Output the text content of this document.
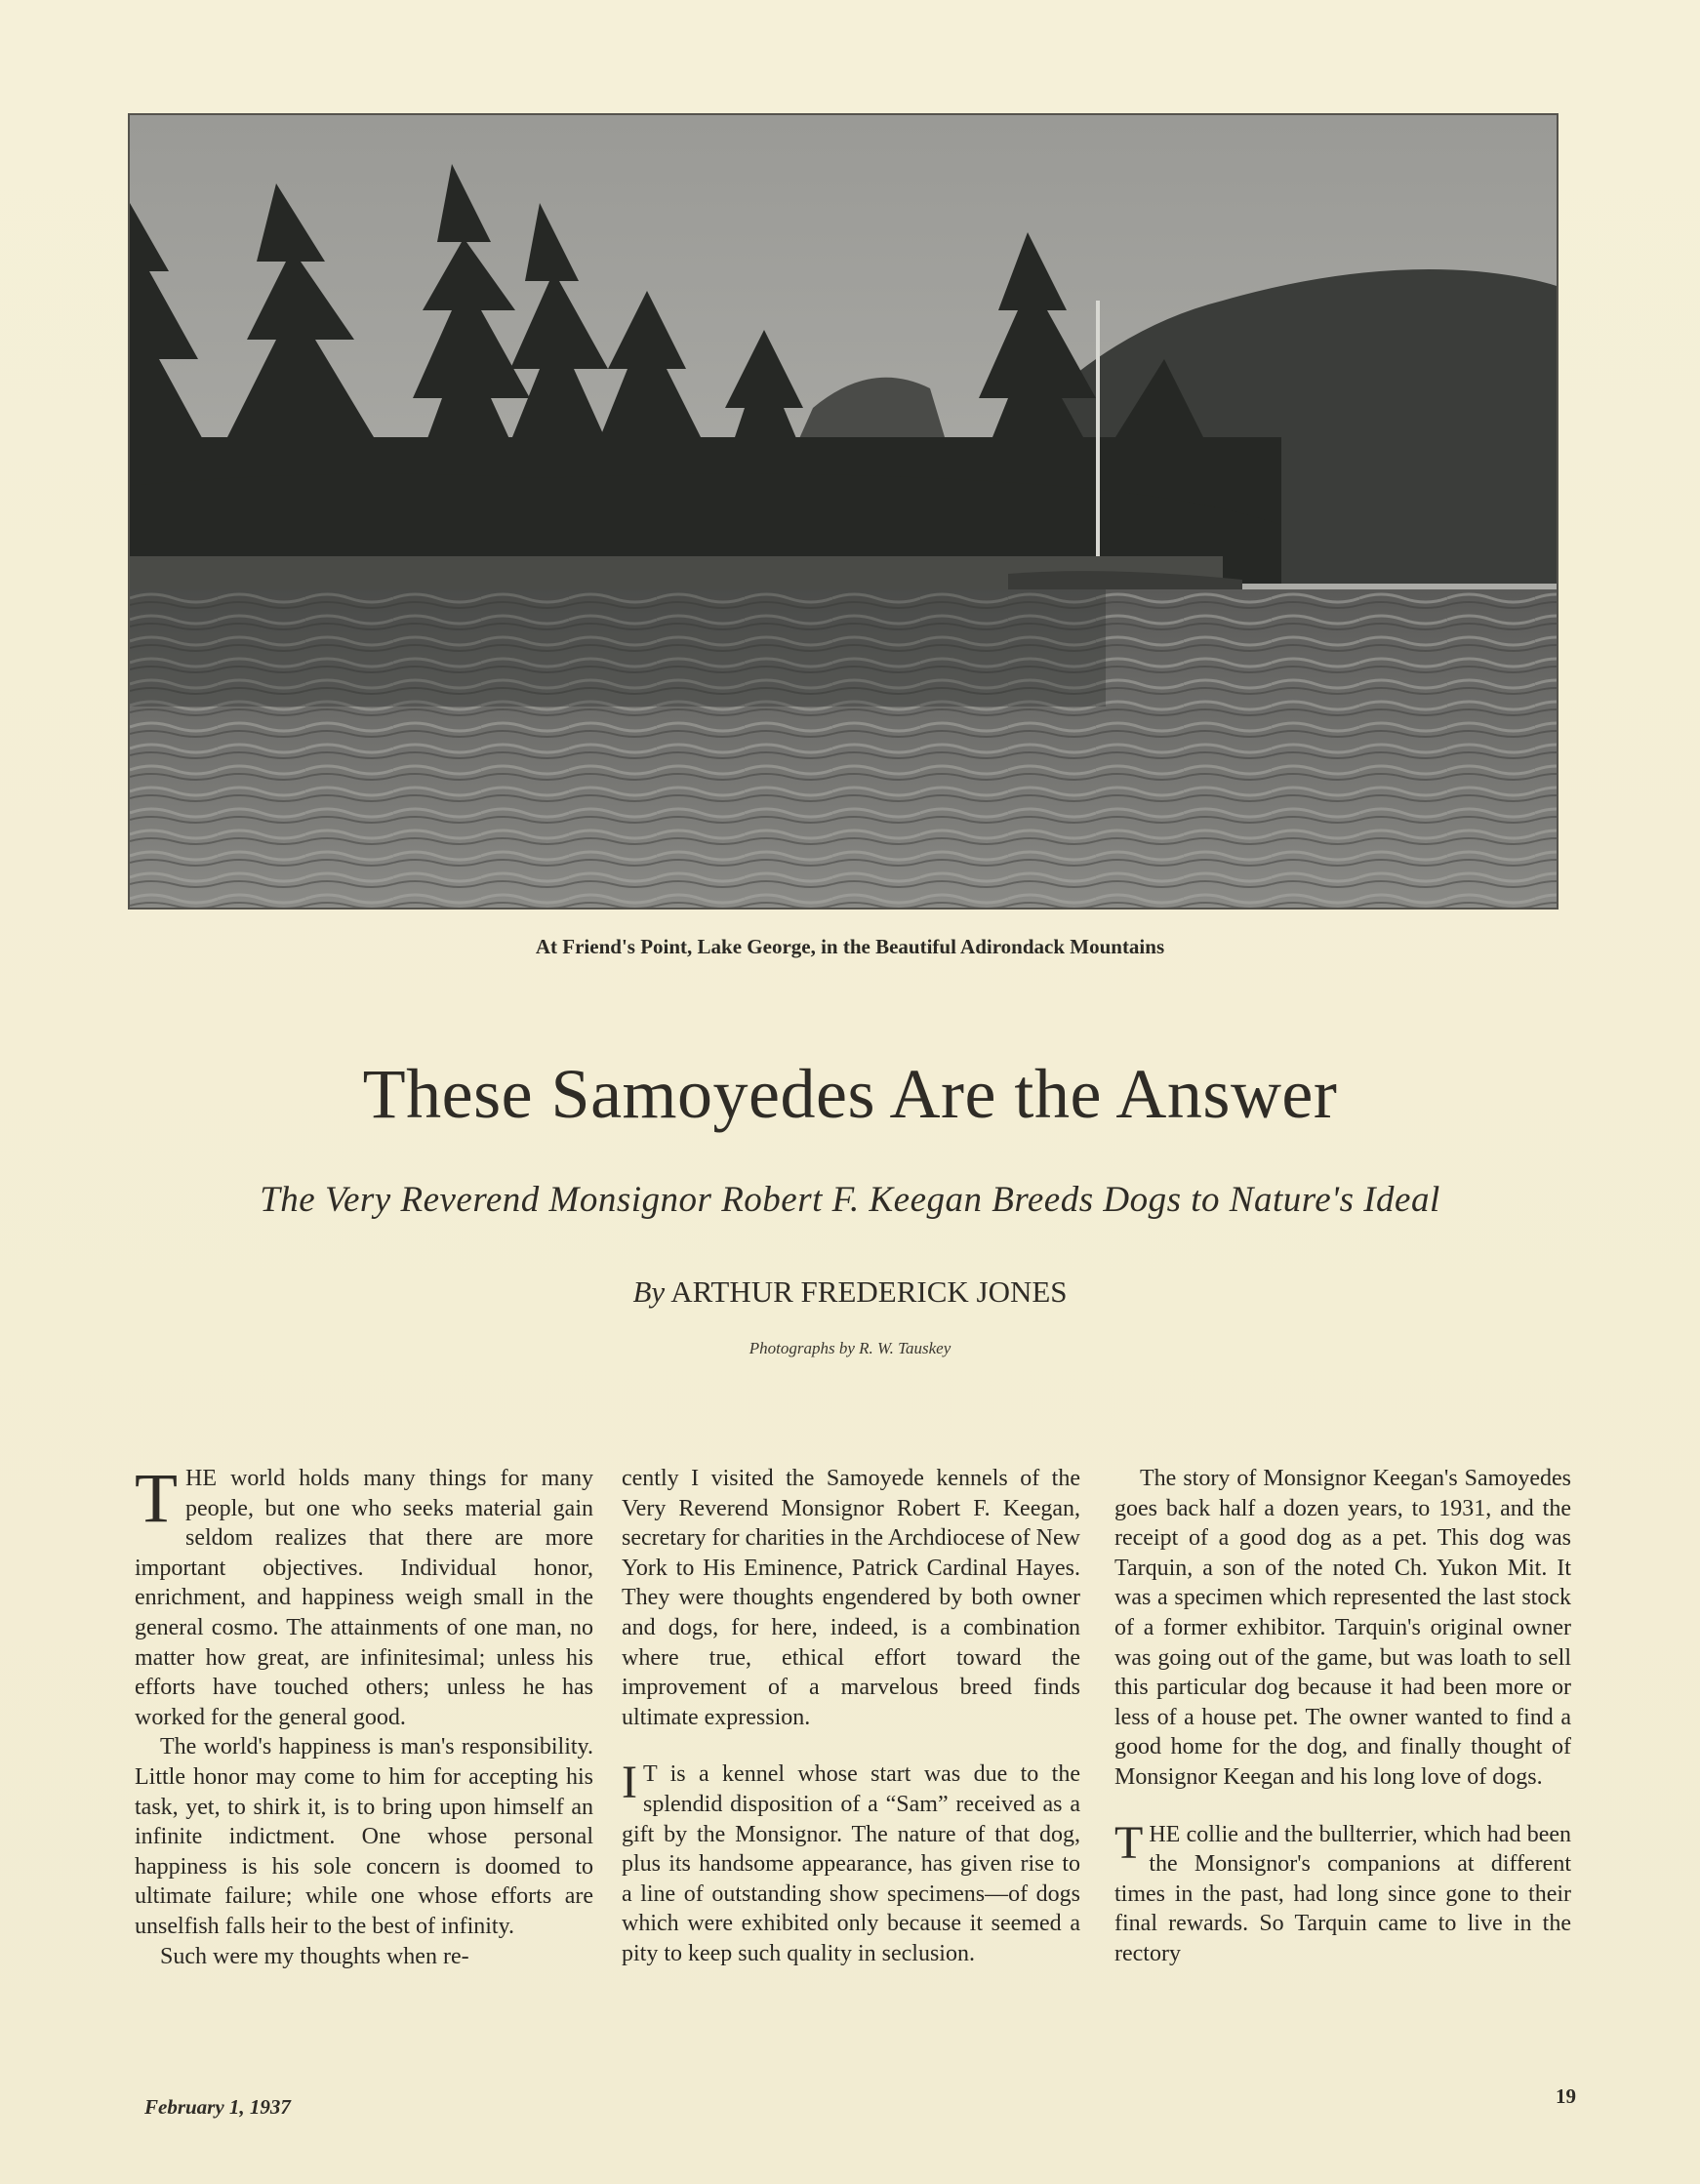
At Friend's Point, Lake George, in the Beautiful Adirondack Mountains
These Samoyedes Are the Answer
The Very Reverend Monsignor Robert F. Keegan Breeds Dogs to Nature's Ideal
By ARTHUR FREDERICK JONES
Photographs by R. W. Tauskey

THE world holds many things for many people, but one who seeks material gain seldom realizes that there are more important objectives. Individual honor, enrichment, and happiness weigh small in the general cosmo. The attainments of one man, no matter how great, are infinitesimal; unless his efforts have touched others; unless he has worked for the general good.

The world's happiness is man's responsibility. Little honor may come to him for accepting his task, yet, to shirk it, is to bring upon himself an infinite indictment. One whose personal happiness is his sole concern is doomed to ultimate failure; while one whose efforts are unselfish falls heir to the best of infinity.

Such were my thoughts when re-

cently I visited the Samoyede kennels of the Very Reverend Monsignor Robert F. Keegan, secretary for charities in the Archdiocese of New York to His Eminence, Patrick Cardinal Hayes. They were thoughts engendered by both owner and dogs, for here, indeed, is a combination where true, ethical effort toward the improvement of a marvelous breed finds ultimate expression.

I T is a kennel whose start was due to the splendid disposition of a “Sam” received as a gift by the Monsignor. The nature of that dog, plus its handsome appearance, has given rise to a line of outstanding show specimens—of dogs which were exhibited only because it seemed a pity to keep such quality in seclusion.

The story of Monsignor Keegan's Samoyedes goes back half a dozen years, to 1931, and the receipt of a good dog as a pet. This dog was Tarquin, a son of the noted Ch. Yukon Mit. It was a specimen which represented the last stock of a former exhibitor. Tarquin's original owner was going out of the game, but was loath to sell this particular dog because it had been more or less of a house pet. The owner wanted to find a good home for the dog, and finally thought of Monsignor Keegan and his long love of dogs.

THE collie and the bullterrier, which had been the Monsignor's companions at different times in the past, had long since gone to their final rewards. So Tarquin came to live in the rectory

February 1, 1937	19
